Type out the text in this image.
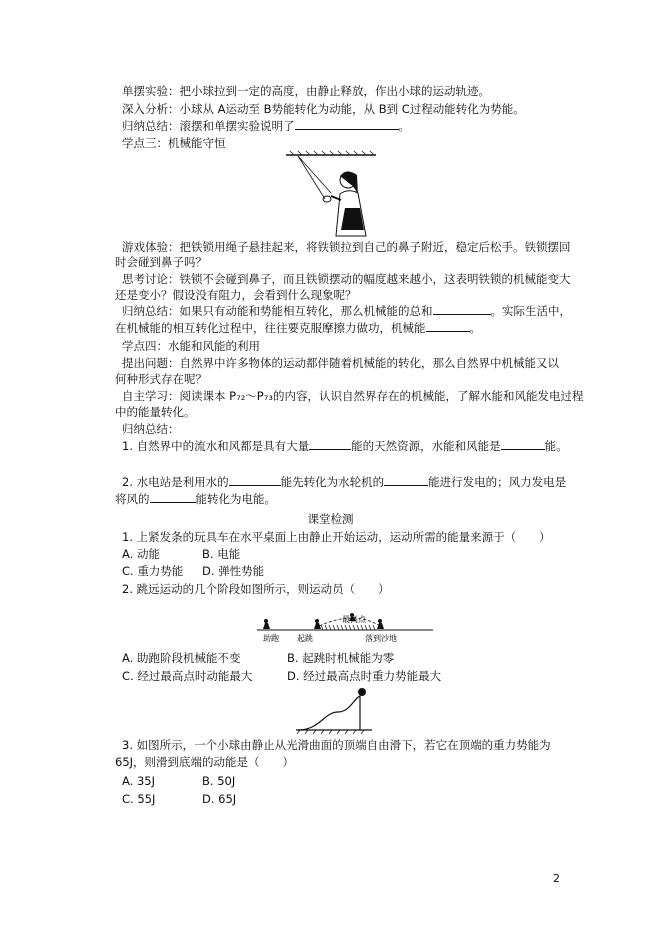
单摆实验：把小球拉到一定的高度，由静止释放，作出小球的运动轨迹。
深入分析：小球从 A运动至 B势能转化为动能，从 B到 C过程动能转化为势能。
归纳总结：滚摆和单摆实验说明了	。
学点三：机械能守恒
游戏体验：把铁锁用绳子悬挂起来，将铁锁拉到自己的鼻子附近，稳定后松手。铁锁摆回
时会碰到鼻子吗？
思考讨论：铁锁不会碰到鼻子，而且铁锁摆动的幅度越来越小，这表明铁锁的机械能变大
还是变小？假设没有阻力，会看到什么现象呢？
归纳总结：如果只有动能和势能相互转化，那么机械能的总和	。实际生活中，
在机械能的相互转化过程中，往往要克服摩擦力做功，机械能	。
学点四：水能和风能的利用
提出问题：自然界中许多物体的运动都伴随着机械能的转化，那么自然界中机械能又以
何种形式存在呢？
自主学习：阅读课本 P₇₂～P₇₃的内容，认识自然界存在的机械能，了解水能和风能发电过程
中的能量转化。
归纳总结：
1. 自然界中的流水和风都是具有大量	能的天然资源，水能和风能是	能。
2. 水电站是利用水的	能先转化为水轮机的	能进行发电的；风力发电是
将风的	能转化为电能。
课堂检测
1. 上紧发条的玩具车在水平桌面上由静止开始运动，运动所需的能量来源于（　　）
A. 动能	B. 电能
C. 重力势能 D. 弹性势能
2. 跳远运动的几个阶段如图所示，则运动员（　　）
助跑 起跳
最高点
落到沙地
A. 助跑阶段机械能不变	B. 起跳时机械能为零
C. 经过最高点时动能最大	D. 经过最高点时重力势能最大
3. 如图所示，一个小球由静止从光滑曲面的顶端自由滑下，若它在顶端的重力势能为
65J，则滑到底端的动能是（　　）
A. 35J	B. 50J
C. 55J	D. 65J
2
